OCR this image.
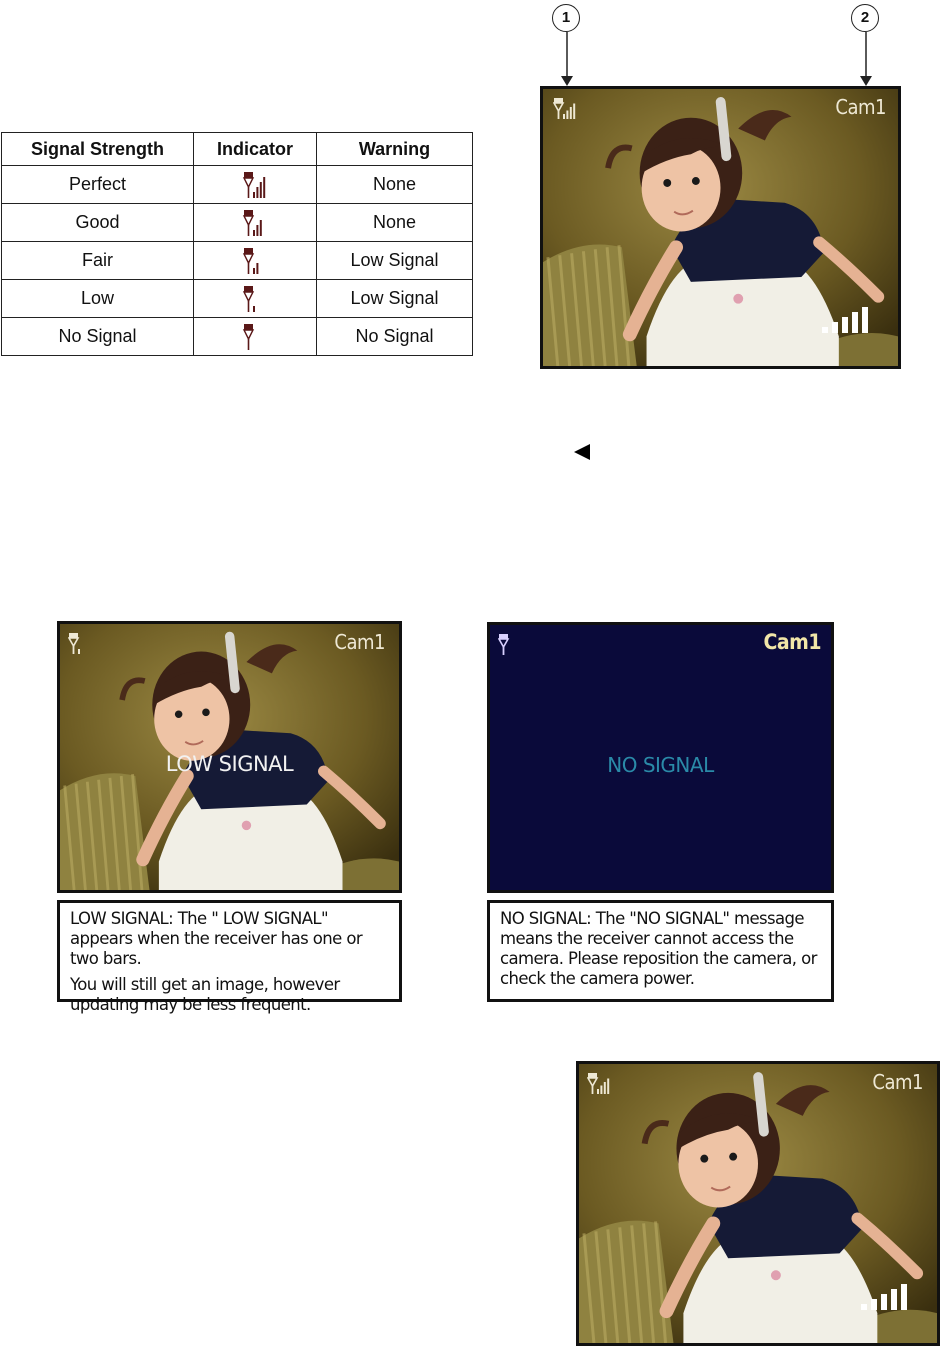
Signal Strength	Indicator	Warning
Perfect		None
Good		None
Fair		Low Signal
Low		Low Signal
No Signal		No Signal
1	2
Cam1
Cam1
LOW SIGNAL

LOW SIGNAL: The " LOW SIGNAL" appears when the receiver has one or two bars.

You will still get an image, however updating may be less frequent.

Cam1
NO SIGNAL

NO SIGNAL: The "NO SIGNAL" message means the receiver cannot access the camera. Please reposition the camera, or check the camera power.

Cam1
